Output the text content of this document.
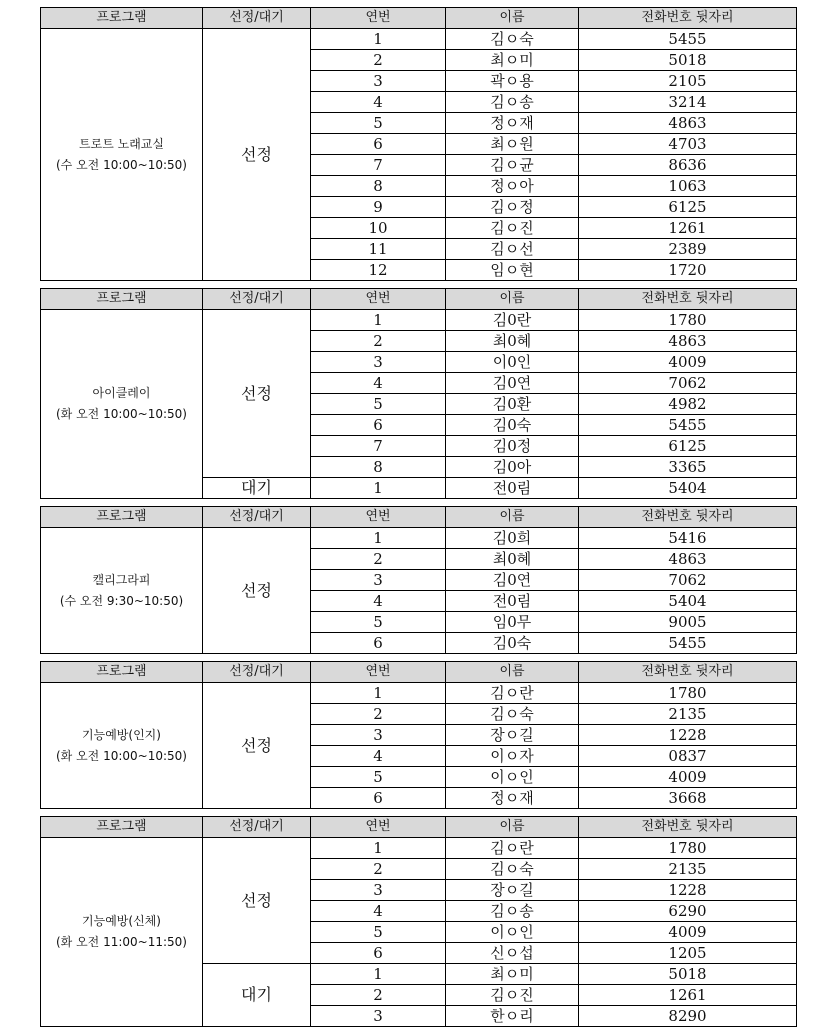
프로그램	선정/대기	연번	이름	전화번호 뒷자리

트로트 노래교실
(수 오전 10:00~10:50)	선정	1	김ㅇ숙	5455
		2	최ㅇ미	5018
		3	곽ㅇ용	2105
		4	김ㅇ송	3214
		5	정ㅇ재	4863
		6	최ㅇ원	4703
		7	김ㅇ균	8636
		8	정ㅇ아	1063
		9	김ㅇ정	6125
		10	김ㅇ진	1261
		11	김ㅇ선	2389
		12	임ㅇ현	1720
프로그램	선정/대기	연번	이름	전화번호 뒷자리

아이클레이
(화 오전 10:00~10:50)	선정	1	김0란	1780
		2	최0혜	4863
		3	이0인	4009
		4	김0연	7062
		5	김0환	4982
		6	김0숙	5455
		7	김0정	6125
		8	김0아	3365
	대기	1	전0림	5404
프로그램	선정/대기	연번	이름	전화번호 뒷자리

캘리그라피
(수 오전 9:30~10:50)	선정	1	김0희	5416
		2	최0혜	4863
		3	김0연	7062
		4	전0림	5404
		5	임0무	9005
		6	김0숙	5455
프로그램	선정/대기	연번	이름	전화번호 뒷자리

기능예방(인지)
(화 오전 10:00~10:50)	선정	1	김ㅇ란	1780
		2	김ㅇ숙	2135
		3	장ㅇ길	1228
		4	이ㅇ자	0837
		5	이ㅇ인	4009
		6	정ㅇ재	3668
프로그램	선정/대기	연번	이름	전화번호 뒷자리

기능예방(신체)
(화 오전 11:00~11:50)	선정	1	김ㅇ란	1780
		2	김ㅇ숙	2135
		3	장ㅇ길	1228
		4	김ㅇ송	6290
		5	이ㅇ인	4009
		6	신ㅇ섭	1205
	대기	1	최ㅇ미	5018
		2	김ㅇ진	1261
		3	한ㅇ리	8290
